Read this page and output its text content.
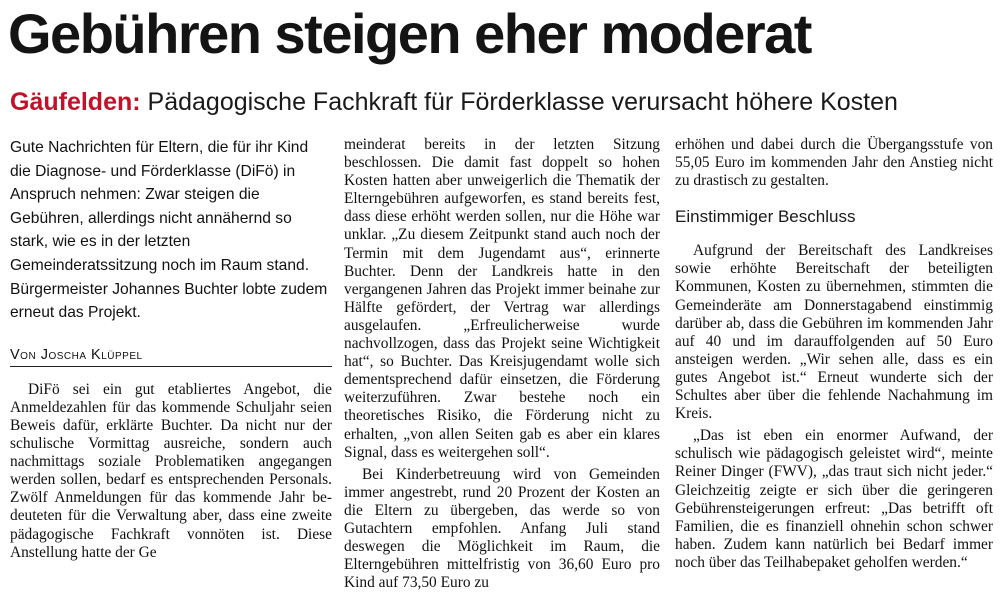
Gebühren steigen eher moderat
Gäufelden: Pädagogische Fachkraft für Förderklasse verursacht höhere Kosten

Gute Nachrichten für Eltern, die für ihr Kind die Diagnose- und Förderklasse (DiFö) in Anspruch nehmen: Zwar steigen die Gebühren, allerdings nicht annähernd so stark, wie es in der letzten Gemeinderatssitzung noch im Raum stand. Bürgermeister Johannes Buchter lobte zudem erneut das Projekt.

Von Joscha Klüppel

DiFö sei ein gut etabliertes Angebot, die Anmeldezahlen für das kommende Schuljahr seien Beweis dafür, erklärte Buchter. Da nicht nur der schulische Vormittag ausreiche, sondern auch nachmittags soziale Problematiken angegangen werden sollen, bedarf es entsprechenden Personals. Zwölf Anmeldungen für das kommende Jahr bedeuteten für die Verwaltung aber, dass eine zweite pädagogische Fachkraft vonnöten ist. Diese Anstellung hatte der Ge

meinderat bereits in der letzten Sitzung beschlossen. Die damit fast doppelt so hohen Kosten hatten aber unweigerlich die Thematik der Elterngebühren aufgeworfen, es stand bereits fest, dass diese erhöht werden sollen, nur die Höhe war unklar. „Zu diesem Zeitpunkt stand auch noch der Termin mit dem Jugendamt aus“, erinnerte Buchter. Denn der Landkreis hatte in den vergangenen Jahren das Projekt immer beinahe zur Hälfte gefördert, der Vertrag war allerdings ausgelaufen. „Erfreulicherweise wurde nachvollzogen, dass das Projekt seine Wichtigkeit hat“, so Buchter. Das Kreisjugendamt wolle sich dementsprechend dafür einsetzen, die Förderung weiterzuführen. Zwar bestehe noch ein theoretisches Risiko, die Förderung nicht zu erhalten, „von allen Seiten gab es aber ein klares Signal, dass es weitergehen soll“.

Bei Kinderbetreuung wird von Gemeinden immer angestrebt, rund 20 Prozent der Kosten an die Eltern zu übergeben, das werde so von Gutachtern empfohlen. Anfang Juli stand deswegen die Möglichkeit im Raum, die Elterngebühren mittelfristig von 36,60 Euro pro Kind auf 73,50 Euro zu

erhöhen und dabei durch die Übergangsstufe von 55,05 Euro im kommenden Jahr den Anstieg nicht zu drastisch zu gestalten.

Einstimmiger Beschluss

Aufgrund der Bereitschaft des Landkreises sowie erhöhte Bereitschaft der beteiligten Kommunen, Kosten zu übernehmen, stimmten die Gemeinderäte am Donnerstagabend einstimmig darüber ab, dass die Gebühren im kommenden Jahr auf 40 und im darauffolgenden auf 50 Euro ansteigen werden. „Wir sehen alle, dass es ein gutes Angebot ist.“ Erneut wunderte sich der Schultes aber über die fehlende Nachahmung im Kreis.

„Das ist eben ein enormer Aufwand, der schulisch wie pädagogisch geleistet wird“, meinte Reiner Dinger (FWV), „das traut sich nicht jeder.“ Gleichzeitig zeigte er sich über die geringeren Gebührensteigerungen erfreut: „Das betrifft oft Familien, die es finanziell ohnehin schon schwer haben. Zudem kann natürlich bei Bedarf immer noch über das Teilhabepaket geholfen werden.“
